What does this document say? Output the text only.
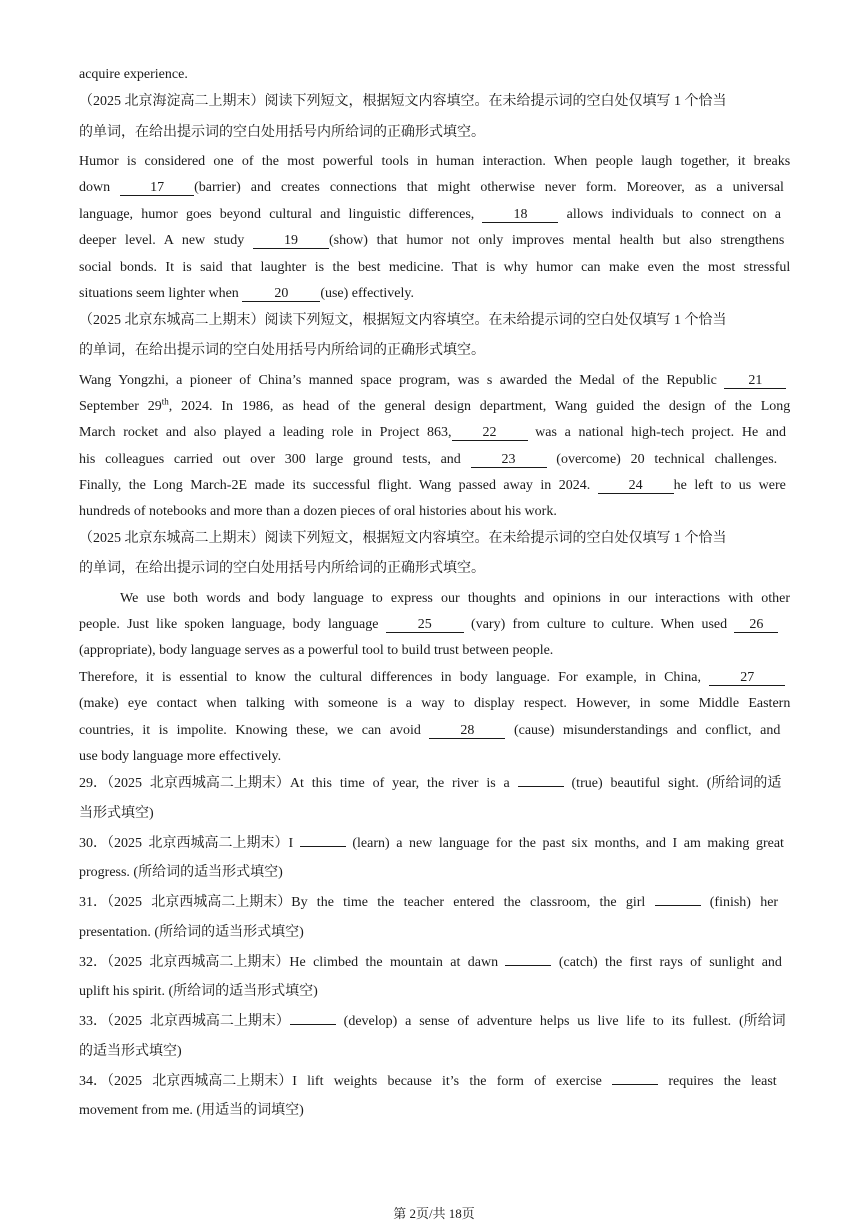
acquire experience.
（2025 北京海淀高二上期末）阅读下列短文，根据短文内容填空。在未给提示词的空白处仅填写 1 个恰当
的单词，在给出提示词的空白处用括号内所给词的正确形式填空。
Humor is considered one of the most powerful tools in human interaction. When people laugh together, it breaks
down 17 (barrier) and creates connections that might otherwise never form. Moreover, as a universal
language, humor goes beyond cultural and linguistic differences, 18 allows individuals to connect on a
deeper level. A new study 19 (show) that humor not only improves mental health but also strengthens
social bonds. It is said that laughter is the best medicine. That is why humor can make even the most stressful
situations seem lighter when 20 (use) effectively.
（2025 北京东城高二上期末）阅读下列短文，根据短文内容填空。在未给提示词的空白处仅填写 1 个恰当
的单词，在给出提示词的空白处用括号内所给词的正确形式填空。
Wang Yongzhi, a pioneer of China’s manned space program, was s awarded the Medal of the Republic 21
September 29th, 2024. In 1986, as head of the general design department, Wang guided the design of the Long
March rocket and also played a leading role in Project 863, 22 was a national high-tech project. He and
his colleagues carried out over 300 large ground tests, and 23 (overcome) 20 technical challenges.
Finally, the Long March-2E made its successful flight. Wang passed away in 2024. 24 he left to us were
hundreds of notebooks and more than a dozen pieces of oral histories about his work.
（2025 北京东城高二上期末）阅读下列短文，根据短文内容填空。在未给提示词的空白处仅填写 1 个恰当
的单词，在给出提示词的空白处用括号内所给词的正确形式填空。
We use both words and body language to express our thoughts and opinions in our interactions with other
people. Just like spoken language, body language 25 (vary) from culture to culture. When used 26
(appropriate), body language serves as a powerful tool to build trust between people.
Therefore, it is essential to know the cultural differences in body language. For example, in China, 27
(make) eye contact when talking with someone is a way to display respect. However, in some Middle Eastern
countries, it is impolite. Knowing these, we can avoid 28 (cause) misunderstandings and conflict, and
use body language more effectively.
29．（2025 北京西城高二上期末）At this time of year, the river is a	(true) beautiful sight. (所给词的适
当形式填空)
30．（2025 北京西城高二上期末）I	(learn) a new language for the past six months, and I am making great
progress. (所给词的适当形式填空)
31．（2025 北京西城高二上期末）By the time the teacher entered the classroom, the girl	(finish) her
presentation. (所给词的适当形式填空)
32．（2025 北京西城高二上期末）He climbed the mountain at dawn	(catch) the first rays of sunlight and
uplift his spirit. (所给词的适当形式填空)
33．（2025 北京西城高二上期末）	(develop) a sense of adventure helps us live life to its fullest. (所给词
的适当形式填空)
34．（2025 北京西城高二上期末）I lift weights because it’s the form of exercise	requires the least
movement from me. (用适当的词填空)
第 2页/共 18页
